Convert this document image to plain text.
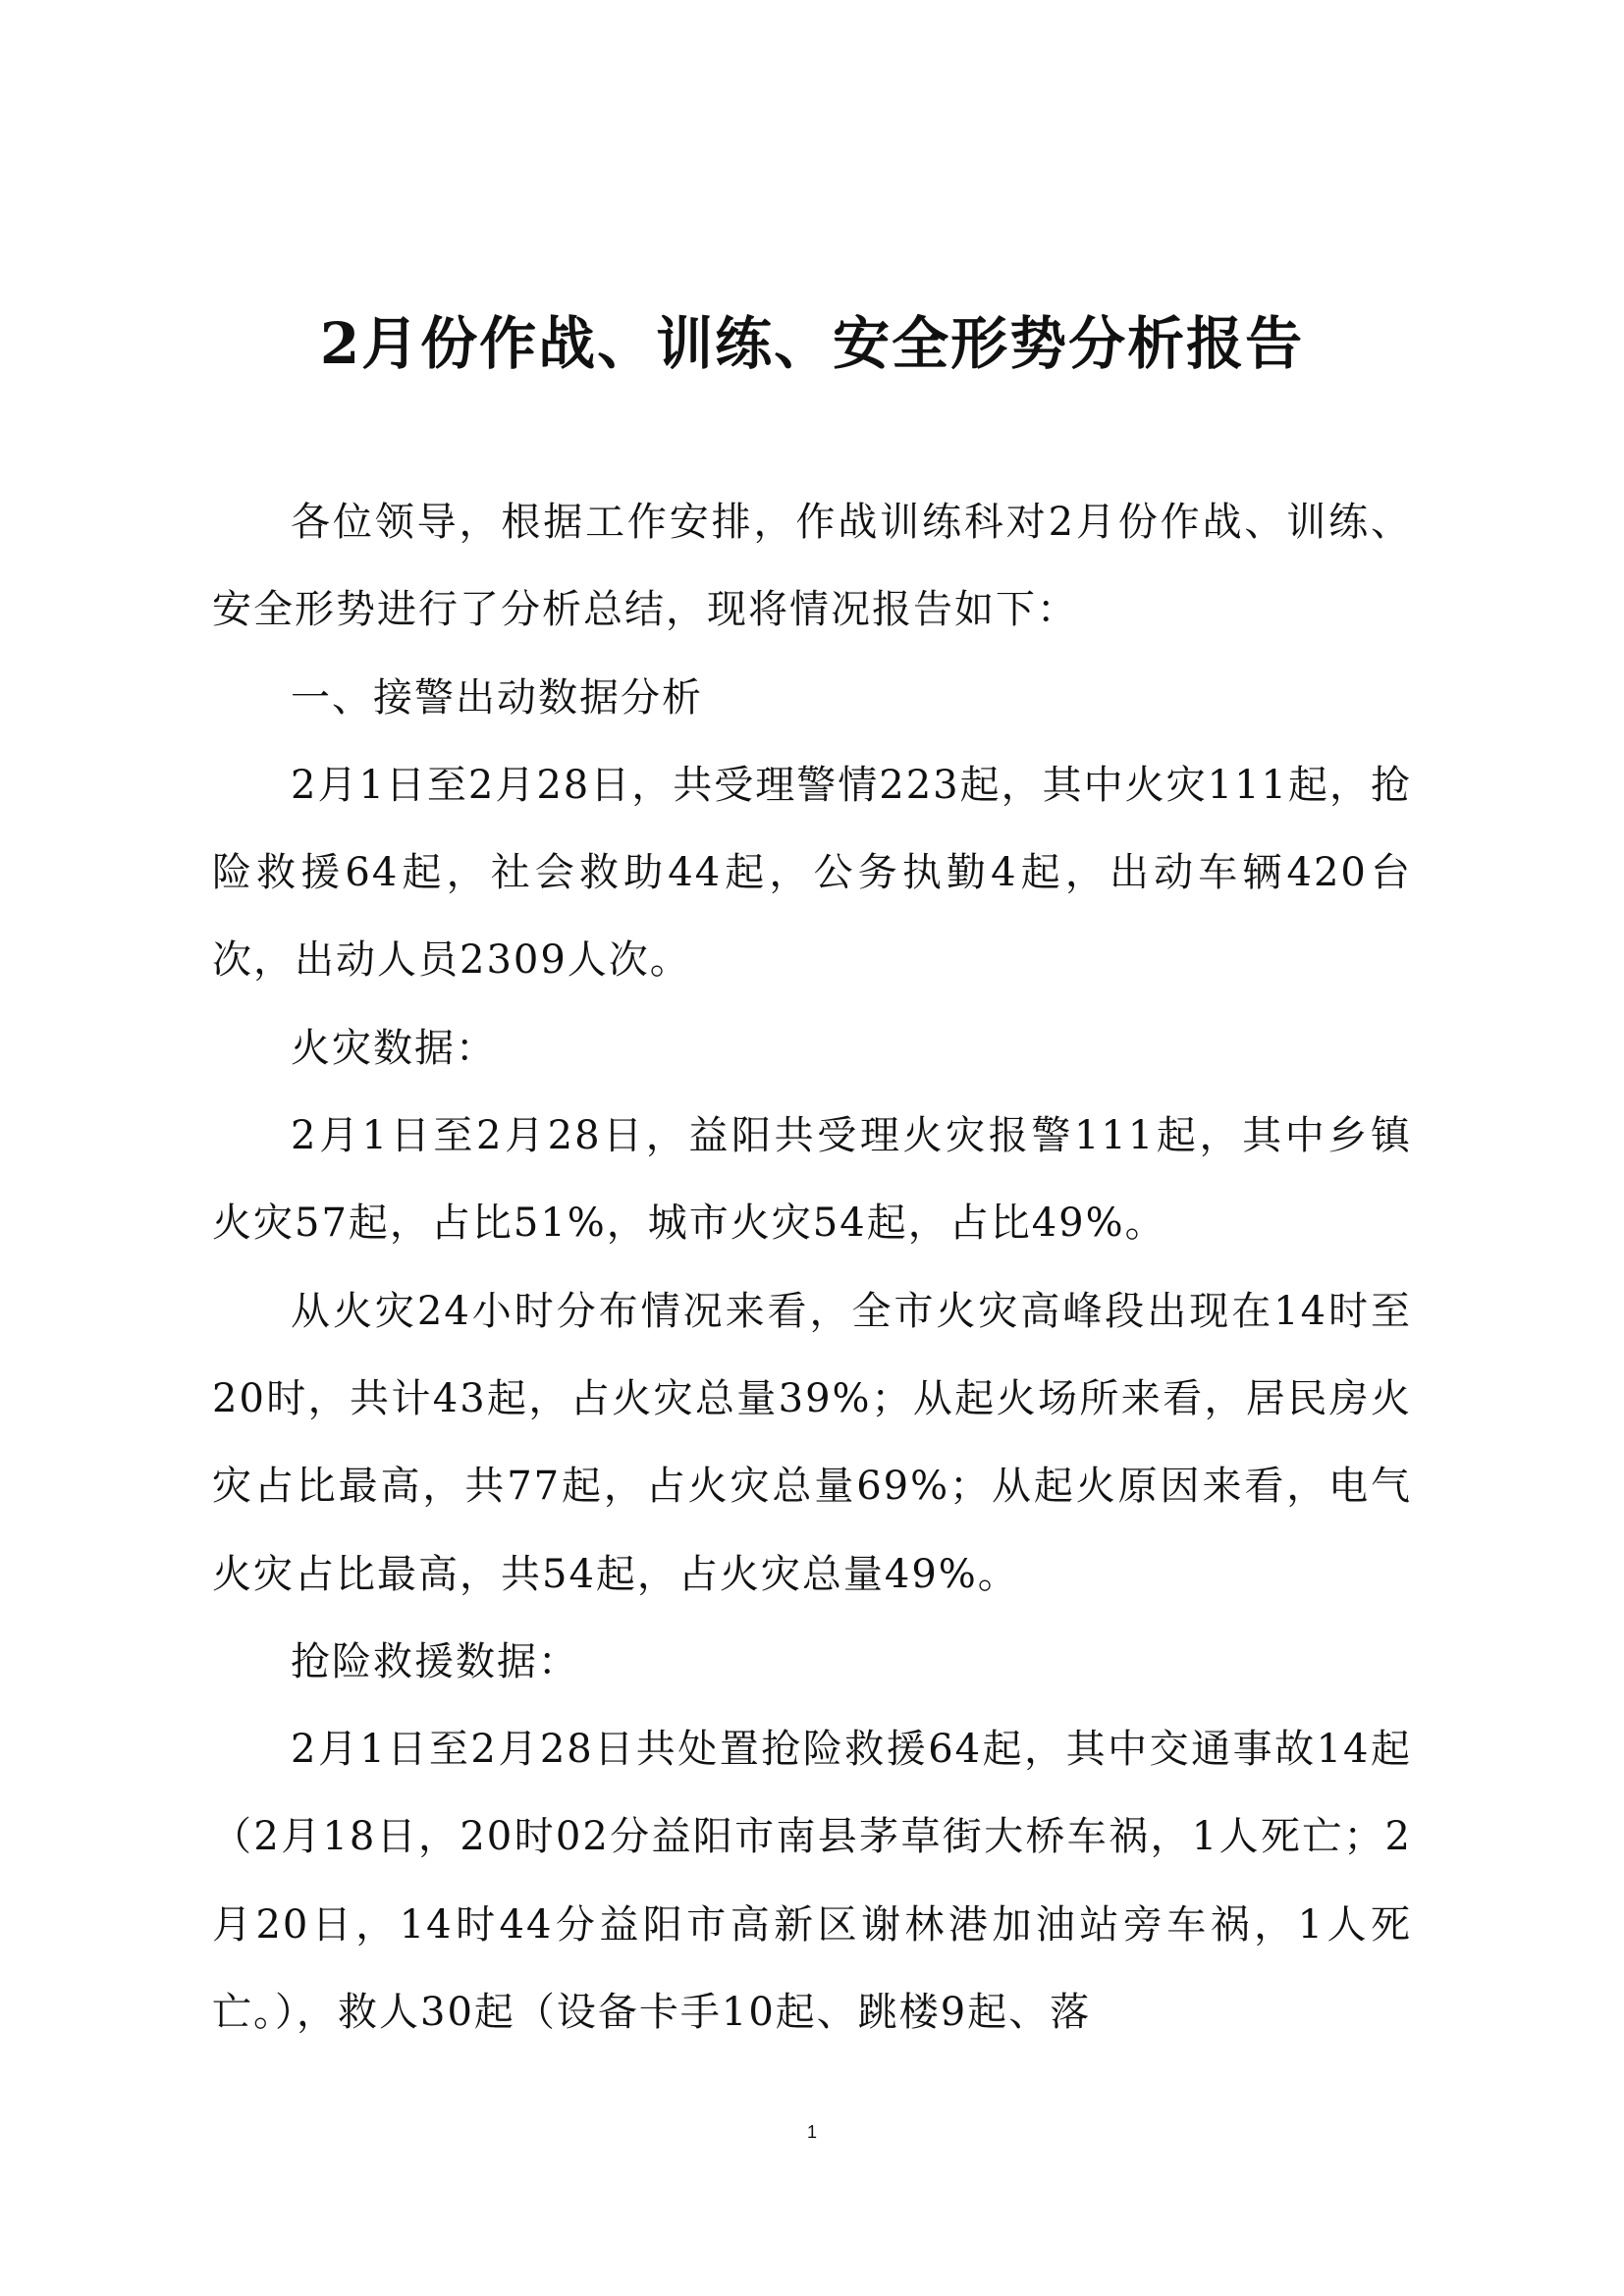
2月份作战、训练、安全形势分析报告

各位领导，根据工作安排，作战训练科对2月份作战、训练、安全形势进行了分析总结，现将情况报告如下：

一、接警出动数据分析

2月1日至2月28日，共受理警情223起，其中火灾111起，抢险救援64起，社会救助44起，公务执勤4起，出动车辆420台次，出动人员2309人次。

火灾数据：

2月1日至2月28日，益阳共受理火灾报警111起，其中乡镇火灾57起，占比51%，城市火灾54起，占比49%。

从火灾24小时分布情况来看，全市火灾高峰段出现在14时至20时，共计43起，占火灾总量39%；从起火场所来看，居民房火灾占比最高，共77起，占火灾总量69%；从起火原因来看，电气火灾占比最高，共54起，占火灾总量49%。

抢险救援数据：

2月1日至2月28日共处置抢险救援64起，其中交通事故14起（2月18日，20时02分益阳市南县茅草街大桥车祸，1人死亡；2月20日，14时44分益阳市高新区谢林港加油站旁车祸，1人死亡。），救人30起（设备卡手10起、跳楼9起、落

1
